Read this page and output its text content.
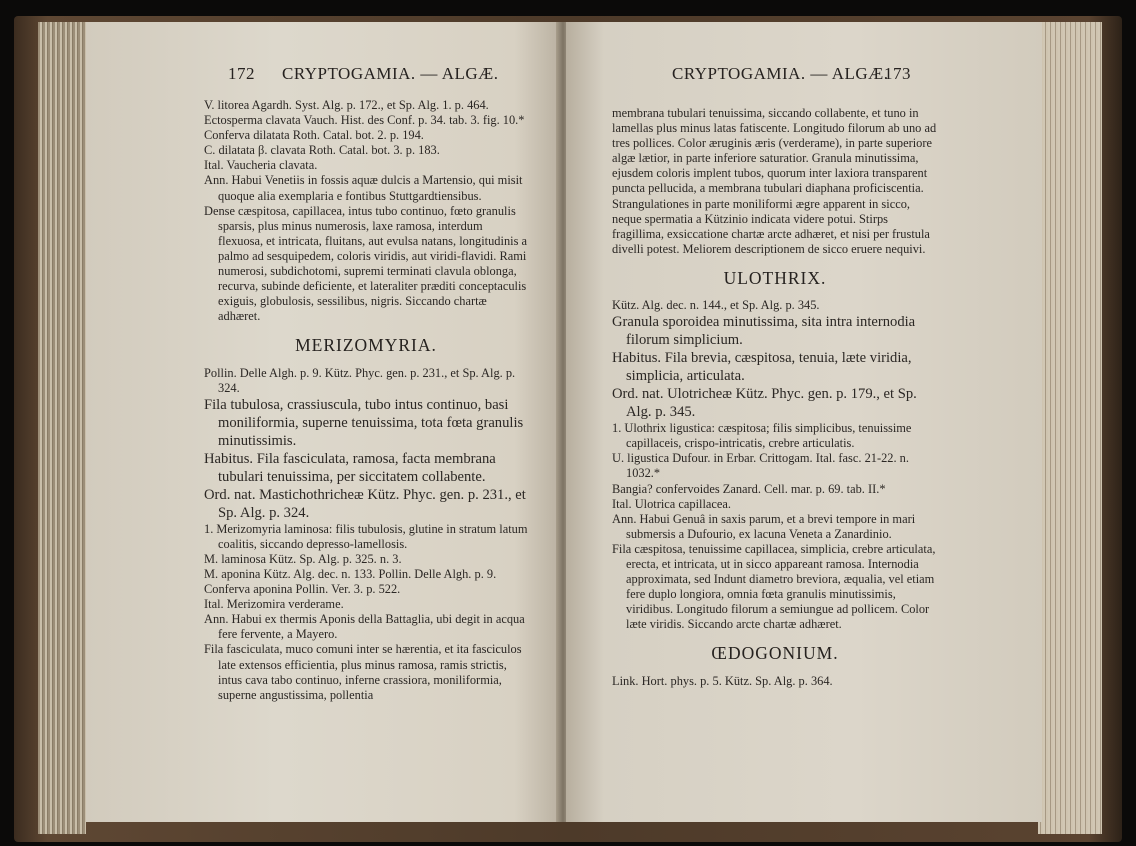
172 CRYPTOGAMIA. — ALGÆ.

V. litorea Agardh. Syst. Alg. p. 172., et Sp. Alg. 1. p. 464.

Ectosperma clavata Vauch. Hist. des Conf. p. 34. tab. 3. fig. 10.*

Conferva dilatata Roth. Catal. bot. 2. p. 194.

C. dilatata β. clavata Roth. Catal. bot. 3. p. 183.

Ital. Vaucheria clavata.

Ann. Habui Venetiis in fossis aquæ dulcis a Martensio, qui misit quoque alia exemplaria e fontibus Stuttgardtiensibus.

Dense cæspitosa, capillacea, intus tubo continuo, fœto granulis sparsis, plus minus numerosis, laxe ramosa, interdum flexuosa, et intricata, fluitans, aut evulsa natans, longitudinis a palmo ad sesquipedem, coloris viridis, aut viridi-flavidi. Rami numerosi, subdichotomi, supremi terminati clavula oblonga, recurva, subinde deficiente, et lateraliter præditi conceptaculis exiguis, globulosis, sessilibus, nigris. Siccando chartæ adhæret.

MERIZOMYRIA.

Pollin. Delle Algh. p. 9. Kütz. Phyc. gen. p. 231., et Sp. Alg. p. 324.

Fila tubulosa, crassiuscula, tubo intus continuo, basi moniliformia, superne tenuissima, tota fœta granulis minutissimis.

Habitus. Fila fasciculata, ramosa, facta membrana tubulari tenuissima, per siccitatem collabente.

Ord. nat. Mastichothricheæ Kütz. Phyc. gen. p. 231., et Sp. Alg. p. 324.

1. Merizomyria laminosa: filis tubulosis, glutine in stratum latum coalitis, siccando depresso-lamellosis.

M. laminosa Kütz. Sp. Alg. p. 325. n. 3.

M. aponina Kütz. Alg. dec. n. 133. Pollin. Delle Algh. p. 9.

Conferva aponina Pollin. Ver. 3. p. 522.

Ital. Merizomira verderame.

Ann. Habui ex thermis Aponis della Battaglia, ubi degit in acqua fere fervente, a Mayero.

Fila fasciculata, muco comuni inter se hærentia, et ita fasciculos late extensos efficientia, plus minus ramosa, ramis strictis, intus cava tabo continuo, inferne crassiora, moniliformia, superne angustissima, pollentia

CRYPTOGAMIA. — ALGÆ.
173

membrana tubulari tenuissima, siccando collabente, et tuno in lamellas plus minus latas fatiscente. Longitudo filorum ab uno ad tres pollices. Color æruginis æris (verderame), in parte superiore algæ lætior, in parte inferiore saturatior. Granula minutissima, ejusdem coloris implent tubos, quorum inter laxiora transparent puncta pellucida, a membrana tubulari diaphana proficiscentia. Strangulationes in parte moniliformi ægre apparent in sicco, neque spermatia a Kützinio indicata videre potui. Stirps fragillima, exsiccatione chartæ arcte adhæret, et nisi per frustula divelli potest. Meliorem descriptionem de sicco eruere nequivi.

ULOTHRIX.

Kütz. Alg. dec. n. 144., et Sp. Alg. p. 345.

Granula sporoidea minutissima, sita intra internodia filorum simplicium.

Habitus. Fila brevia, cæspitosa, tenuia, læte viridia, simplicia, articulata.

Ord. nat. Ulotricheæ Kütz. Phyc. gen. p. 179., et Sp. Alg. p. 345.

1. Ulothrix ligustica: cæspitosa; filis simplicibus, tenuissime capillaceis, crispo-intricatis, crebre articulatis.

U. ligustica Dufour. in Erbar. Crittogam. Ital. fasc. 21-22. n. 1032.*

Bangia? confervoides Zanard. Cell. mar. p. 69. tab. II.*

Ital. Ulotrica capillacea.

Ann. Habui Genuâ in saxis parum, et a brevi tempore in mari submersis a Dufourio, ex lacuna Veneta a Zanardinio.

Fila cæspitosa, tenuissime capillacea, simplicia, crebre articulata, erecta, et intricata, ut in sicco appareant ramosa. Internodia approximata, sed Indunt diametro breviora, æqualia, vel etiam fere duplo longiora, omnia fœta granulis minutissimis, viridibus. Longitudo filorum a semiungue ad pollicem. Color læte viridis. Siccando arcte chartæ adhæret.

ŒDOGONIUM.

Link. Hort. phys. p. 5. Kütz. Sp. Alg. p. 364.
